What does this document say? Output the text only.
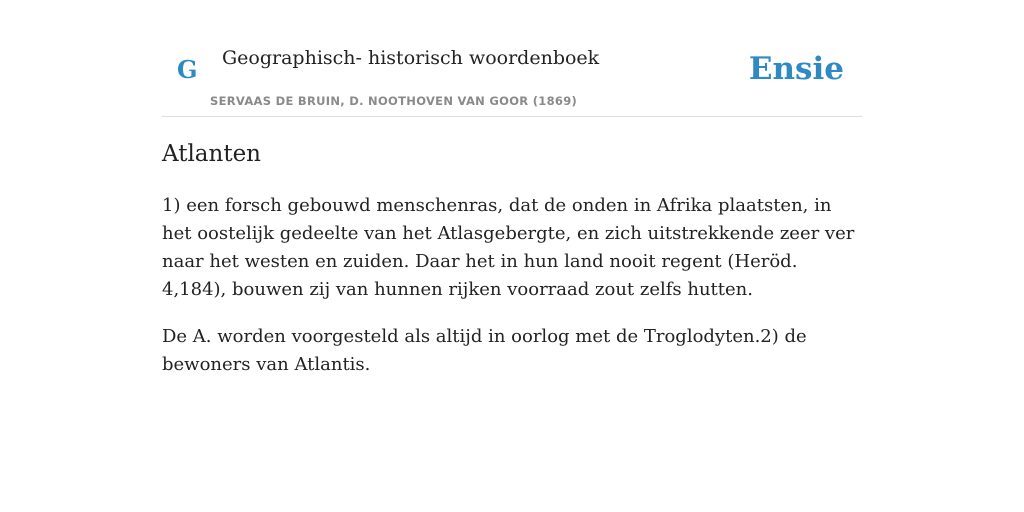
G Geographisch- historisch woordenboek
SERVAAS DE BRUIN, D. NOOTHOVEN VAN GOOR (1869)
Ensie
Atlanten

1) een forsch gebouwd menschenras, dat de onden in Afrika plaatsten, in het oostelijk gedeelte van het Atlasgebergte, en zich uitstrekkende zeer ver naar het westen en zuiden. Daar het in hun land nooit regent (Heröd. 4,184), bouwen zij van hunnen rijken voorraad zout zelfs hutten.

De A. worden voorgesteld als altijd in oorlog met de Troglodyten.2) de bewoners van Atlantis.
